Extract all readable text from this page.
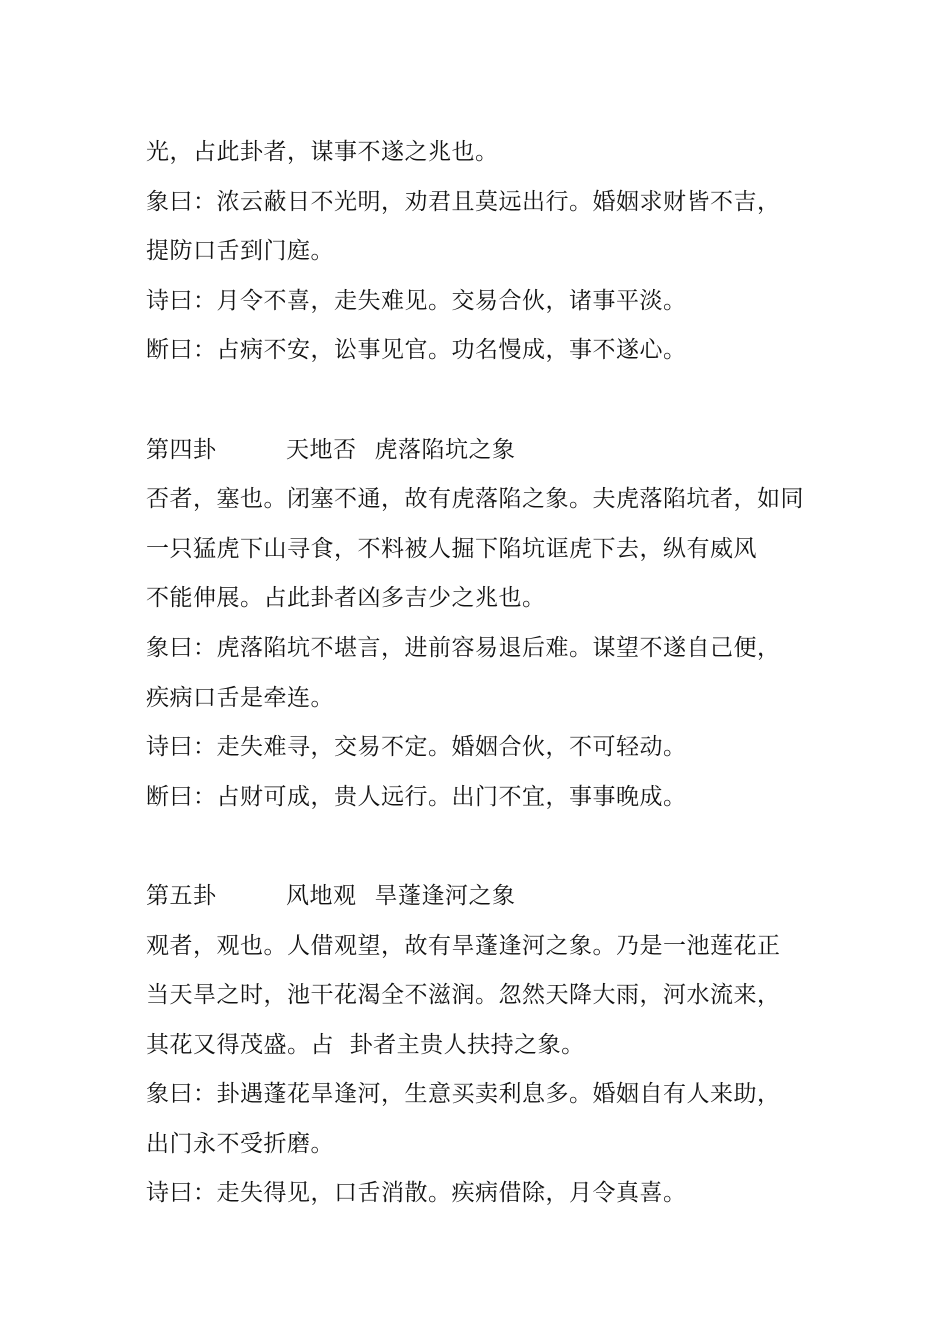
光，占此卦者，谋事不遂之兆也。
象曰：浓云蔽日不光明，劝君且莫远出行。婚姻求财皆不吉，
提防口舌到门庭。
诗曰：月令不喜，走失难见。交易合伙，诸事平淡。
断曰：占病不安，讼事见官。功名慢成，事不遂心。
第四卦	天地否 虎落陷坑之象
否者，塞也。闭塞不通，故有虎落陷之象。夫虎落陷坑者，如同
一只猛虎下山寻食，不料被人掘下陷坑诓虎下去，纵有威风
不能伸展。占此卦者凶多吉少之兆也。
象曰：虎落陷坑不堪言，进前容易退后难。谋望不遂自己便，
疾病口舌是牵连。
诗曰：走失难寻，交易不定。婚姻合伙，不可轻动。
断曰：占财可成，贵人远行。出门不宜，事事晚成。
第五卦	风地观 旱蓬逢河之象
观者，观也。人借观望，故有旱蓬逢河之象。乃是一池莲花正
当天旱之时，池干花渴全不滋润。忽然天降大雨，河水流来，
其花又得茂盛。占  卦者主贵人扶持之象。
象曰：卦遇蓬花旱逢河，生意买卖利息多。婚姻自有人来助，
出门永不受折磨。
诗曰：走失得见，口舌消散。疾病借除，月令真喜。
